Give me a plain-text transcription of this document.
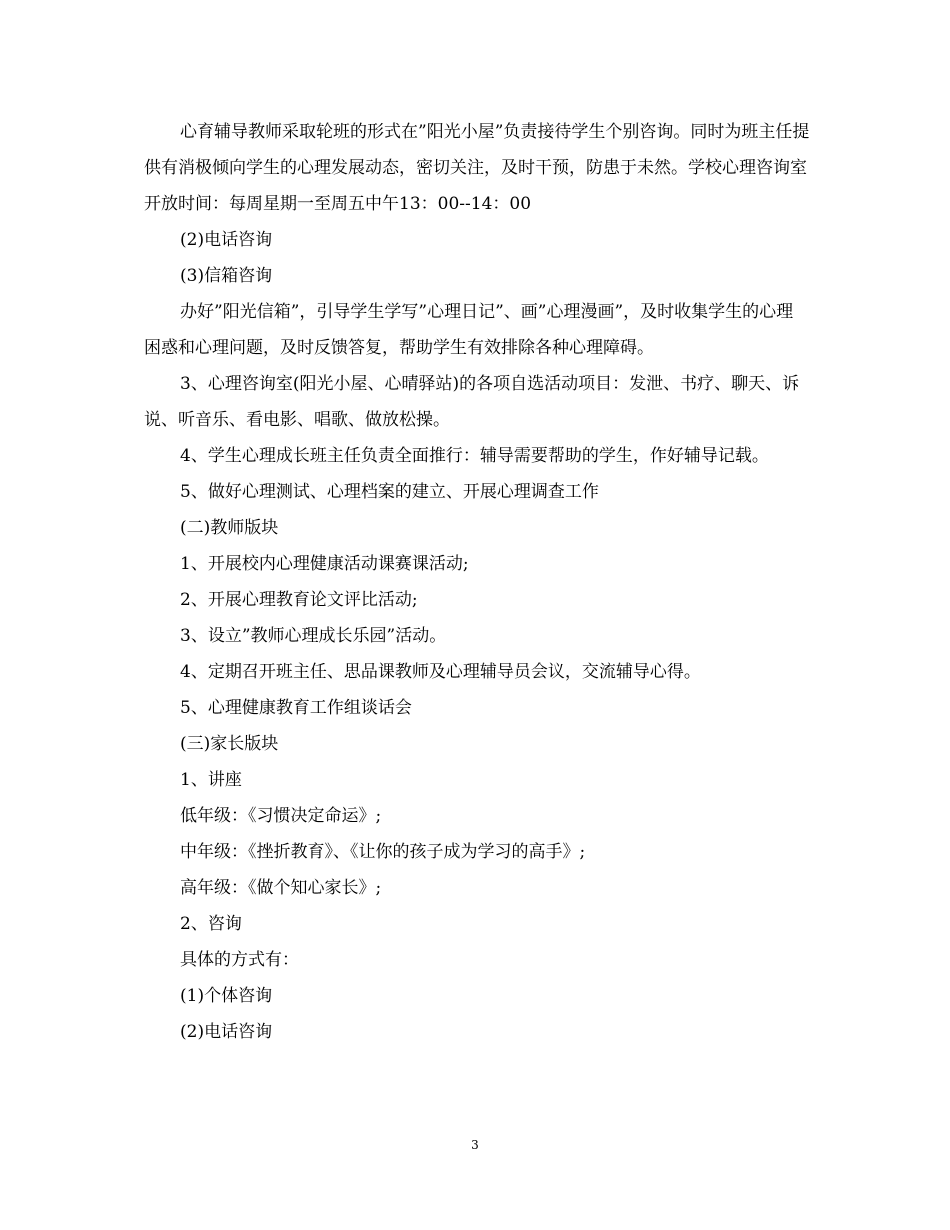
心育辅导教师采取轮班的形式在”阳光小屋”负责接待学生个别咨询。同时为班主任提供有消极倾向学生的心理发展动态，密切关注，及时干预，防患于未然。学校心理咨询室开放时间：每周星期一至周五中午13：00--14：00

(2)电话咨询

(3)信箱咨询

办好”阳光信箱”，引导学生学写”心理日记”、画”心理漫画”，及时收集学生的心理困惑和心理问题，及时反馈答复，帮助学生有效排除各种心理障碍。

3、心理咨询室(阳光小屋、心晴驿站)的各项自选活动项目：发泄、书疗、聊天、诉说、听音乐、看电影、唱歌、做放松操。

4、学生心理成长班主任负责全面推行：辅导需要帮助的学生，作好辅导记载。

5、做好心理测试、心理档案的建立、开展心理调查工作

(二)教师版块

1、开展校内心理健康活动课赛课活动;

2、开展心理教育论文评比活动;

3、设立”教师心理成长乐园”活动。

4、定期召开班主任、思品课教师及心理辅导员会议，交流辅导心得。

5、心理健康教育工作组谈话会

(三)家长版块

1、讲座

低年级：《习惯决定命运》;

中年级：《挫折教育》、《让你的孩子成为学习的高手》;

高年级：《做个知心家长》;

2、咨询

具体的方式有：

(1)个体咨询

(2)电话咨询

3
